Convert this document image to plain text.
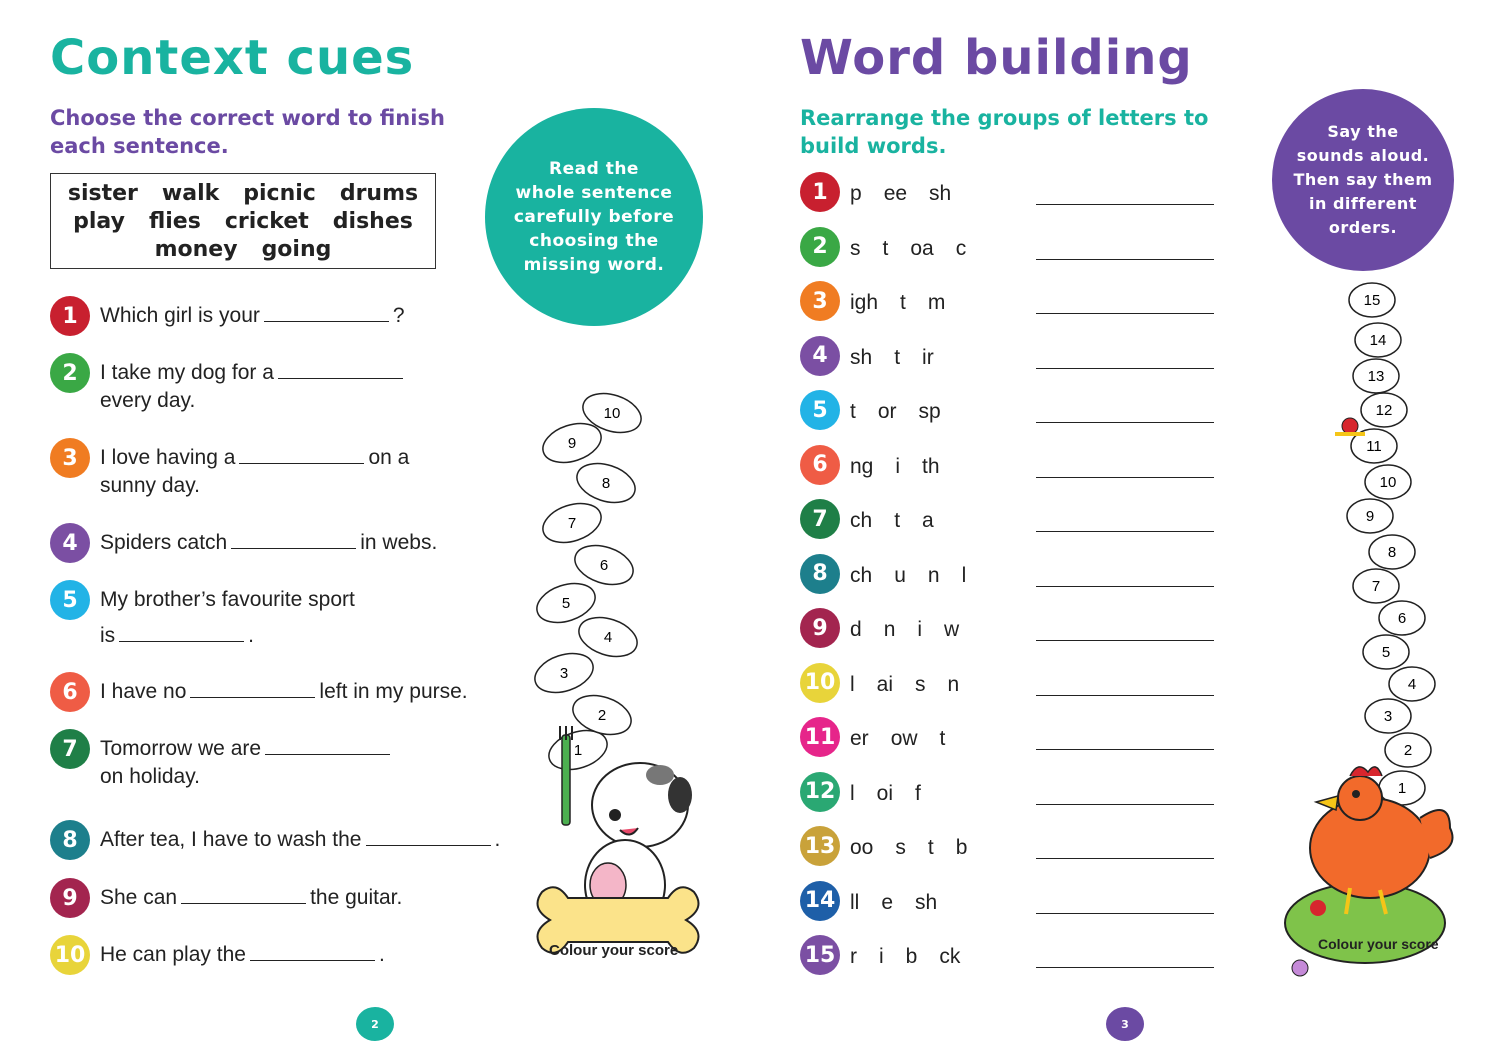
Context cues
Choose the correct word to finish
each sentence.
sister walk picnic drums
play flies cricket dishes
money going
Read the
whole sentence
carefully before
choosing the
missing word.
1	Which girl is your	?
2	I take my dog for a
every day.
3	I love having a	on a
sunny day.
4	Spiders catch	in webs.
5	My brother’s favourite sport
is	.
6	I have no	left in my purse.
7	Tomorrow we are
on holiday.
8	After tea, I have to wash the	.
9	She can	the guitar.
10 He can play the	.
1
2
3
4
5
6
7
8
9
10
Colour your score
2
Word building
Rearrange the groups of letters to
build words.
Say the
sounds aloud.
Then say them
in different
orders.
1	p ee sh
2	s t oa c
3	igh t m
4	sh t ir
5	t or sp
6	ng i th
7	ch t a
8	ch u n l
9	d n i w
10 l ai s n
11 er ow t
12 l oi f
13 oo s t b
14 ll e sh
15 r i b ck
1
2
3
4
5
6
7
8
9
10
11
12
13
14
15
Colour your score
3
